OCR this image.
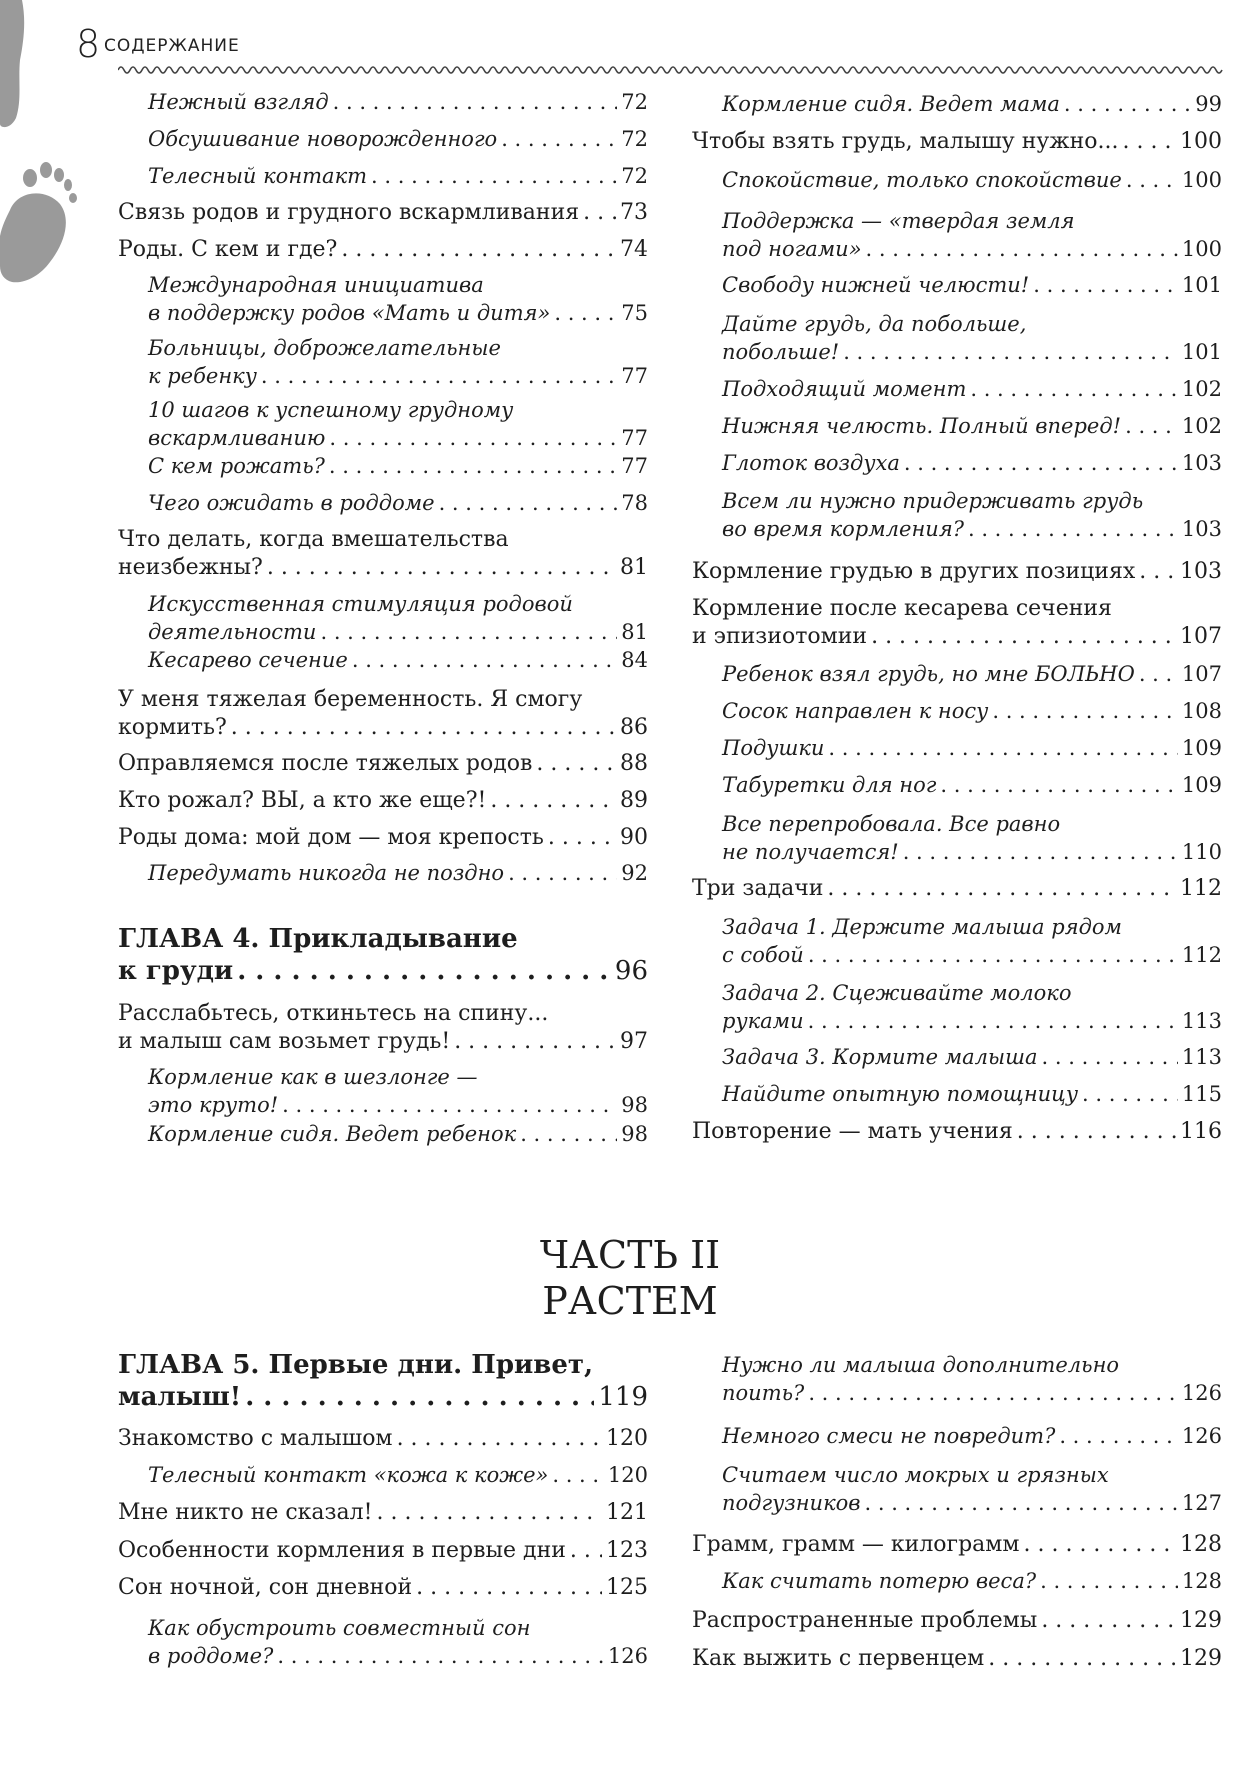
8 СОДЕРЖАНИЕ
Нежный взгляд . . .	72
Обсушивание новорожденного . . .	72
Телесный контакт . . .	72
Связь родов и грудного вскармливания . . . 73
Роды. С кем и где? . . .	74
Международная инициатива
в поддержку родов «Мать и дитя» . . .	75
Больницы, доброжелательные
к ребенку . . .	77
10 шагов к успешному грудному
вскармливанию . . .	77
С кем рожать? . . .	77
Чего ожидать в роддоме . . .	78
Что делать, когда вмешательства
неизбежны? . . .	81
Искусственная стимуляция родовой
деятельности . . .	81
Кесарево сечение . . .	84
У меня тяжелая беременность. Я смогу
кормить? . . .	86
Оправляемся после тяжелых родов . . .	88
Кто рожал? ВЫ, а кто же еще?! . . .	89
Роды дома: мой дом — моя крепость . . .	90
Передумать никогда не поздно . . .	92
ГЛАВА 4. Прикладывание
к груди . . .	96
Расслабьтесь, откиньтесь на спину...
и малыш сам возьмет грудь! . . .	97
Кормление как в шезлонге —
это круто! . . .	98
Кормление сидя. Ведет ребенок . . .	98
Кормление сидя. Ведет мама . . .	99
Чтобы взять грудь, малышу нужно... . . .	100
Спокойствие, только спокойствие . . .	100
Поддержка — «твердая земля
под ногами» . . .	100
Свободу нижней челюсти! . . .	101
Дайте грудь, да побольше,
побольше! . . .	101
Подходящий момент . . .	102
Нижняя челюсть. Полный вперед! . . .	102
Глоток воздуха . . .	103
Всем ли нужно придерживать грудь
во время кормления? . . .	103
Кормление грудью в других позициях . . . 103
Кормление после кесарева сечения
и эпизиотомии . . .	107
Ребенок взял грудь, но мне БОЛЬНО . . . 107
Сосок направлен к носу . . .	108
Подушки . . .	109
Табуретки для ног . . .	109
Все перепробовала. Все равно
не получается! . . .	110
Три задачи . . .	112
Задача 1. Держите малыша рядом
с собой . . .	112
Задача 2. Сцеживайте молоко
руками . . .	113
Задача 3. Кормите малыша . . .	113
Найдите опытную помощницу . . .	115
Повторение — мать учения . . .	116
ЧАСТЬ II
РАСТЕМ
ГЛАВА 5. Первые дни. Привет,
малыш! . . .	119
Знакомство с малышом . . .	120
Телесный контакт «кожа к коже» . . .	120
Мне никто не сказал! . . .	121
Особенности кормления в первые дни . . . 123
Сон ночной, сон дневной . . .	125
Как обустроить совместный сон
в роддоме? . . .	126
Нужно ли малыша дополнительно
поить? . . .	126
Немного смеси не повредит? . . .	126
Считаем число мокрых и грязных
подгузников . . .	127
Грамм, грамм — килограмм . . .	128
Как считать потерю веса? . . .	128
Распространенные проблемы . . .	129
Как выжить с первенцем . . .	129
